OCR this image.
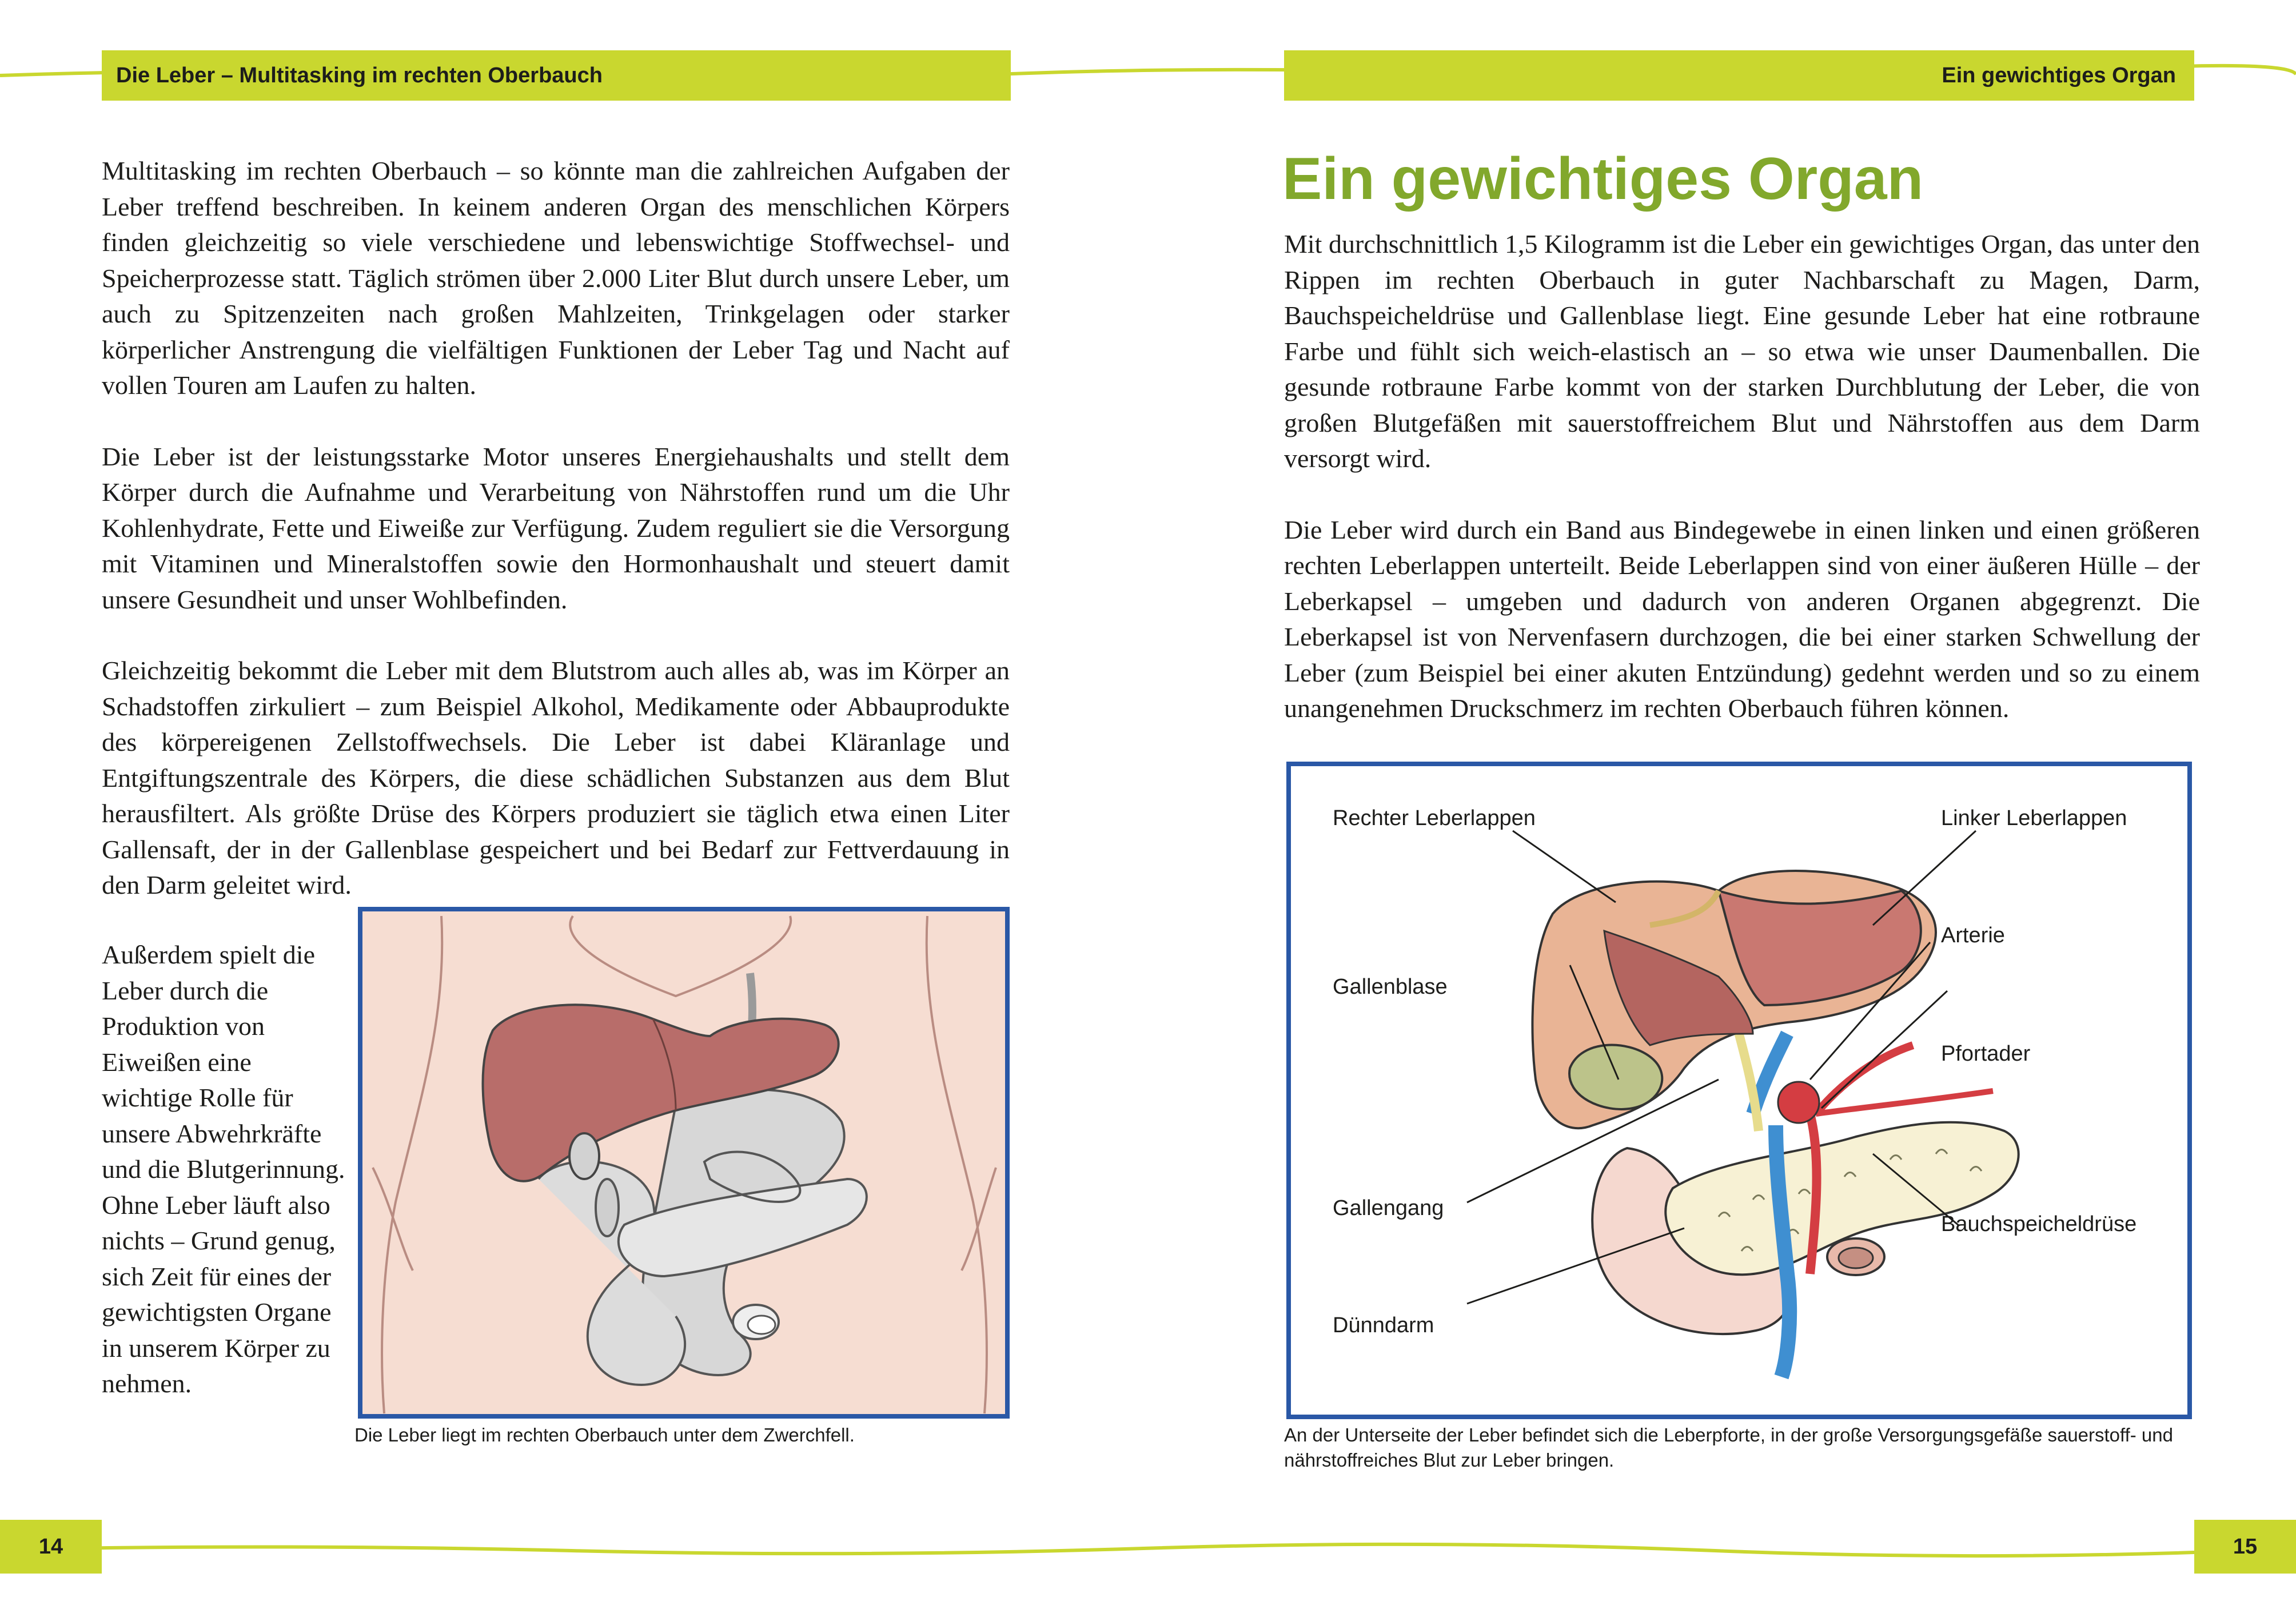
Die Leber – Multitasking im rechten Oberbauch	Ein gewichtiges Organ

Multitasking im rechten Oberbauch – so könnte man die zahlreichen Aufgaben der Leber treffend beschreiben. In keinem anderen Organ des menschlichen Körpers finden gleichzeitig so viele verschiedene und lebenswichtige Stoffwechsel- und Speicherprozesse statt. Täglich strömen über 2.000 Liter Blut durch unsere Leber, um auch zu Spitzenzeiten nach großen Mahlzeiten, Trinkgelagen oder starker körperlicher Anstrengung die vielfältigen Funktionen der Leber Tag und Nacht auf vollen Touren am Laufen zu halten.

Die Leber ist der leistungsstarke Motor unseres Energiehaushalts und stellt dem Körper durch die Aufnahme und Verarbeitung von Nährstoffen rund um die Uhr Kohlenhydrate, Fette und Eiweiße zur Verfügung. Zudem reguliert sie die Versorgung mit Vitaminen und Mineralstoffen sowie den Hormonhaushalt und steuert damit unsere Gesundheit und unser Wohlbefinden.

Gleichzeitig bekommt die Leber mit dem Blutstrom auch alles ab, was im Körper an Schadstoffen zirkuliert – zum Beispiel Alkohol, Medikamente oder Abbauprodukte des körpereigenen Zellstoffwechsels. Die Leber ist dabei Kläranlage und Entgiftungszentrale des Körpers, die diese schädlichen Substanzen aus dem Blut herausfiltert. Als größte Drüse des Körpers produziert sie täglich etwa einen Liter Gallensaft, der in der Gallenblase gespeichert und bei Bedarf zur Fettverdauung in den Darm geleitet wird.

Außerdem spielt die Leber durch die Produktion von Eiweißen eine wichtige Rolle für unsere Abwehrkräfte und die Blutgerinnung. Ohne Leber läuft also nichts – Grund genug, sich Zeit für eines der gewichtigsten Organe in unserem Körper zu nehmen.

Die Leber liegt im rechten Oberbauch unter dem Zwerchfell.
Ein gewichtiges Organ

Mit durchschnittlich 1,5 Kilogramm ist die Leber ein gewichtiges Organ, das unter den Rippen im rechten Oberbauch in guter Nachbarschaft zu Magen, Darm, Bauchspeicheldrüse und Gallenblase liegt. Eine gesunde Leber hat eine rotbraune Farbe und fühlt sich weich-elastisch an – so etwa wie unser Daumenballen. Die gesunde rotbraune Farbe kommt von der starken Durchblutung der Leber, die von großen Blutgefäßen mit sauerstoffreichem Blut und Nährstoffen aus dem Darm versorgt wird.

Die Leber wird durch ein Band aus Bindegewebe in einen linken und einen größeren rechten Leberlappen unterteilt. Beide Leberlappen sind von einer äußeren Hülle – der Leberkapsel – umgeben und dadurch von anderen Organen abgegrenzt. Die Leberkapsel ist von Nervenfasern durchzogen, die bei einer starken Schwellung der Leber (zum Beispiel bei einer akuten Entzündung) gedehnt werden und so zu einem unangenehmen Druckschmerz im rechten Oberbauch führen können.

Rechter Leberlappen	Linker Leberlappen
Arterie
Gallenblase
Pfortader
Gallengang
Bauchspeicheldrüse
Dünndarm
An der Unterseite der Leber befindet sich die Leberpforte, in der große Versorgungsgefäße sauerstoff- und nährstoffreiches Blut zur Leber bringen.
14	15
